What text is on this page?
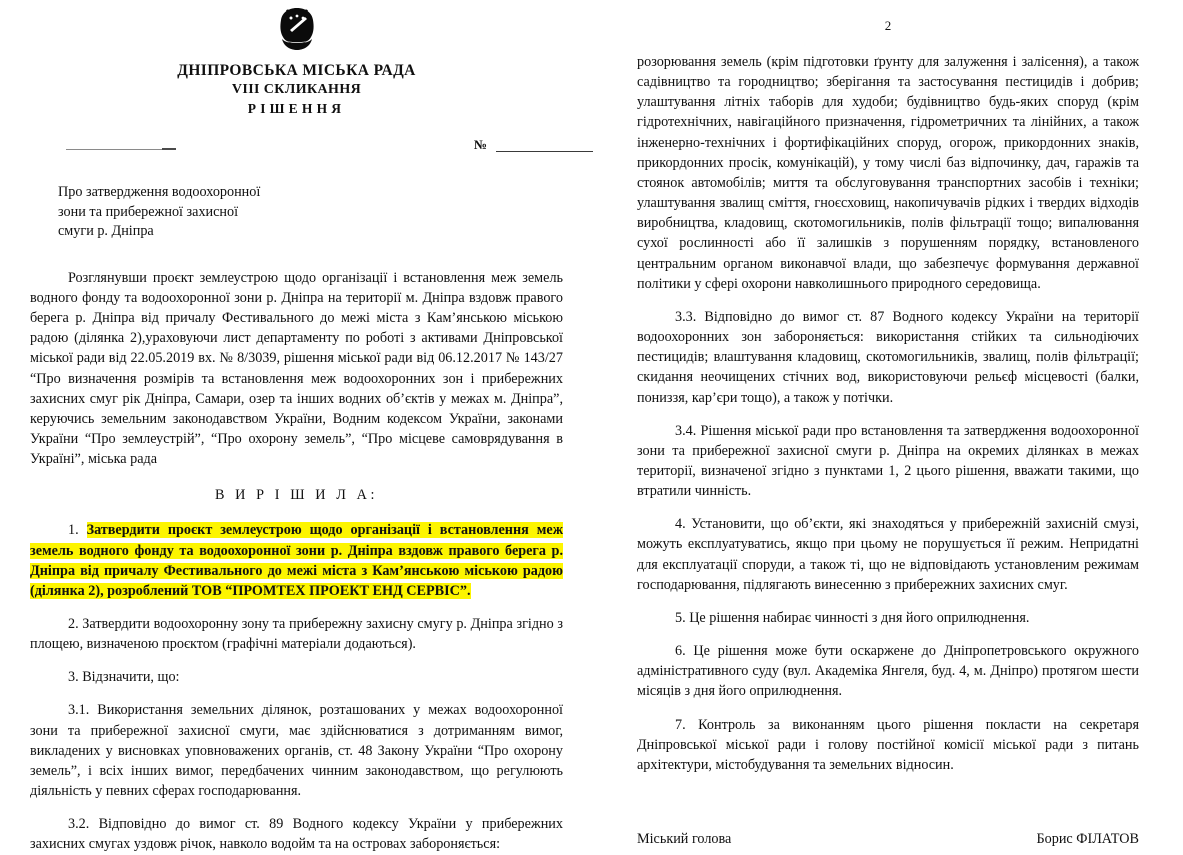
ДНІПРОВСЬКА МІСЬКА РАДА
VIII СКЛИКАННЯ
РІШЕННЯ
№
Про затвердження водоохоронної
зони та прибережної захисної
смуги р. Дніпра

Розглянувши проєкт землеустрою щодо організації і встановлення меж земель водного фонду та водоохоронної зони р. Дніпра на території м. Дніпра вздовж правого берега р. Дніпра від причалу Фестивального до межі міста з Кам’янською міською радою (ділянка 2),ураховуючи лист департаменту по роботі з активами Дніпровської міської ради від 22.05.2019 вх. № 8/3039, рішення міської ради від 06.12.2017 № 143/27 “Про визначення розмірів та встановлення меж водоохоронних зон і прибережних захисних смуг рік Дніпра, Самари, озер та інших водних об’єктів у межах м. Дніпра”, керуючись земельним законодавством України, Водним кодексом України, законами України “Про землеустрій”, “Про охорону земель”, “Про місцеве самоврядування в Україні”, міська рада

В И Р І Ш И Л А:

1. Затвердити проєкт землеустрою щодо організації і встановлення меж земель водного фонду та водоохоронної зони р. Дніпра вздовж правого берега р. Дніпра від причалу Фестивального до межі міста з Кам’янською міською радою (ділянка 2), розроблений ТОВ “ПРОМТЕХ ПРОЕКТ ЕНД СЕРВІС”.

2. Затвердити водоохоронну зону та прибережну захисну смугу р. Дніпра згідно з площею, визначеною проєктом (графічні матеріали додаються).

3. Відзначити, що:

3.1. Використання земельних ділянок, розташованих у межах водоохоронної зони та прибережної захисної смуги, має здійснюватися з дотриманням вимог, викладених у висновках уповноважених органів, ст. 48 Закону України “Про охорону земель”, і всіх інших вимог, передбачених чинним законодавством, що регулюють діяльність у певних сферах господарювання.

3.2. Відповідно до вимог ст. 89 Водного кодексу України у прибережних захисних смугах уздовж річок, навколо водойм та на островах забороняється:

2

розорювання земель (крім підготовки ґрунту для залуження і залісення), а також садівництво та городництво; зберігання та застосування пестицидів і добрив; улаштування літніх таборів для худоби; будівництво будь-яких споруд (крім гідротехнічних, навігаційного призначення, гідрометричних та лінійних, а також інженерно-технічних і фортифікаційних споруд, огорож, прикордонних знаків, прикордонних просік, комунікацій), у тому числі баз відпочинку, дач, гаражів та стоянок автомобілів; миття та обслуговування транспортних засобів і техніки; улаштування звалищ сміття, гноєсховищ, накопичувачів рідких і твердих відходів виробництва, кладовищ, скотомогильників, полів фільтрації тощо; випалювання сухої рослинності або її залишків з порушенням порядку, встановленого центральним органом виконавчої влади, що забезпечує формування державної політики у сфері охорони навколишнього природного середовища.

3.3. Відповідно до вимог ст. 87 Водного кодексу України на території водоохоронних зон забороняється: використання стійких та сильнодіючих пестицидів; влаштування кладовищ, скотомогильників, звалищ, полів фільтрації; скидання неочищених стічних вод, використовуючи рельєф місцевості (балки, пониззя, кар’єри тощо), а також у потічки.

3.4. Рішення міської ради про встановлення та затвердження водоохоронної зони та прибережної захисної смуги р. Дніпра на окремих ділянках в межах території, визначеної згідно з пунктами 1, 2 цього рішення, вважати такими, що втратили чинність.

4. Установити, що об’єкти, які знаходяться у прибережній захисній смузі, можуть експлуатуватись, якщо при цьому не порушується її режим. Непридатні для експлуатації споруди, а також ті, що не відповідають установленим режимам господарювання, підлягають винесенню з прибережних захисних смуг.

5. Це рішення набирає чинності з дня його оприлюднення.

6. Це рішення може бути оскаржене до Дніпропетровського окружного адміністративного суду (вул. Академіка Янгеля, буд. 4, м. Дніпро) протягом шести місяців з дня його оприлюднення.

7. Контроль за виконанням цього рішення покласти на секретаря Дніпровської міської ради і голову постійної комісії міської ради з питань архітектури, містобудування та земельних відносин.

Міський голова	Борис ФІЛАТОВ
